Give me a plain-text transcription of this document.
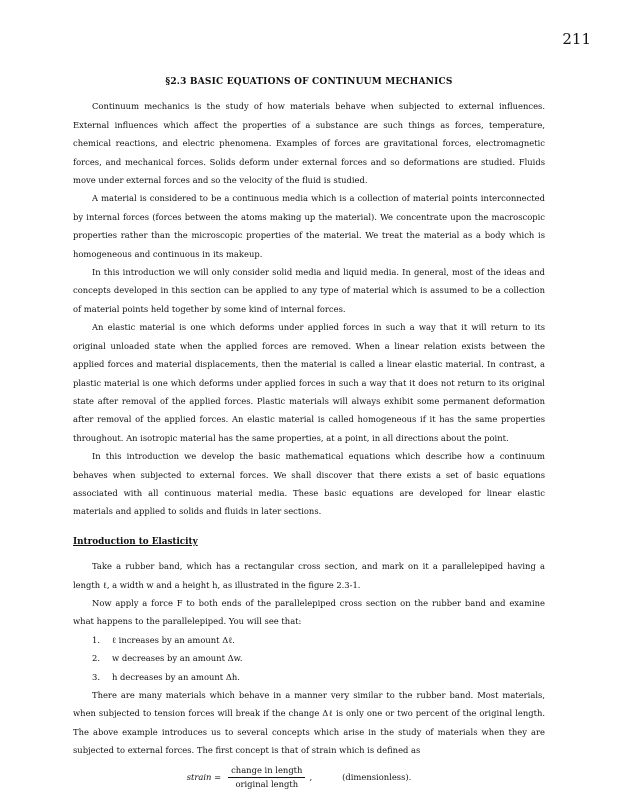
211
§2.3 BASIC EQUATIONS OF CONTINUUM MECHANICS

Continuum mechanics is the study of how materials behave when subjected to external influences. External influences which affect the properties of a substance are such things as forces, temperature, chemical reactions, and electric phenomena. Examples of forces are gravitational forces, electromagnetic forces, and mechanical forces. Solids deform under external forces and so deformations are studied. Fluids move under external forces and so the velocity of the fluid is studied.

A material is considered to be a continuous media which is a collection of material points interconnected by internal forces (forces between the atoms making up the material). We concentrate upon the macroscopic properties rather than the microscopic properties of the material. We treat the material as a body which is homogeneous and continuous in its makeup.

In this introduction we will only consider solid media and liquid media. In general, most of the ideas and concepts developed in this section can be applied to any type of material which is assumed to be a collection of material points held together by some kind of internal forces.

An elastic material is one which deforms under applied forces in such a way that it will return to its original unloaded state when the applied forces are removed. When a linear relation exists between the applied forces and material displacements, then the material is called a linear elastic material. In contrast, a plastic material is one which deforms under applied forces in such a way that it does not return to its original state after removal of the applied forces. Plastic materials will always exhibit some permanent deformation after removal of the applied forces. An elastic material is called homogeneous if it has the same properties throughout. An isotropic material has the same properties, at a point, in all directions about the point.

In this introduction we develop the basic mathematical equations which describe how a continuum behaves when subjected to external forces. We shall discover that there exists a set of basic equations associated with all continuous material media. These basic equations are developed for linear elastic materials and applied to solids and fluids in later sections.

Introduction to Elasticity

Take a rubber band, which has a rectangular cross section, and mark on it a parallelepiped having a length ℓ, a width w and a height h, as illustrated in the figure 2.3-1.

Now apply a force F to both ends of the parallelepiped cross section on the rubber band and examine what happens to the parallelepiped. You will see that:

1. ℓ increases by an amount Δℓ.
2. w decreases by an amount Δw.
3. h decreases by an amount Δh.

There are many materials which behave in a manner very similar to the rubber band. Most materials, when subjected to tension forces will break if the change Δℓ is only one or two percent of the original length. The above example introduces us to several concepts which arise in the study of materials when they are subjected to external forces. The first concept is that of strain which is defined as

strain = $\frac{\text{change in length}}{\text{original length}}$ ,	(dimensionless).
